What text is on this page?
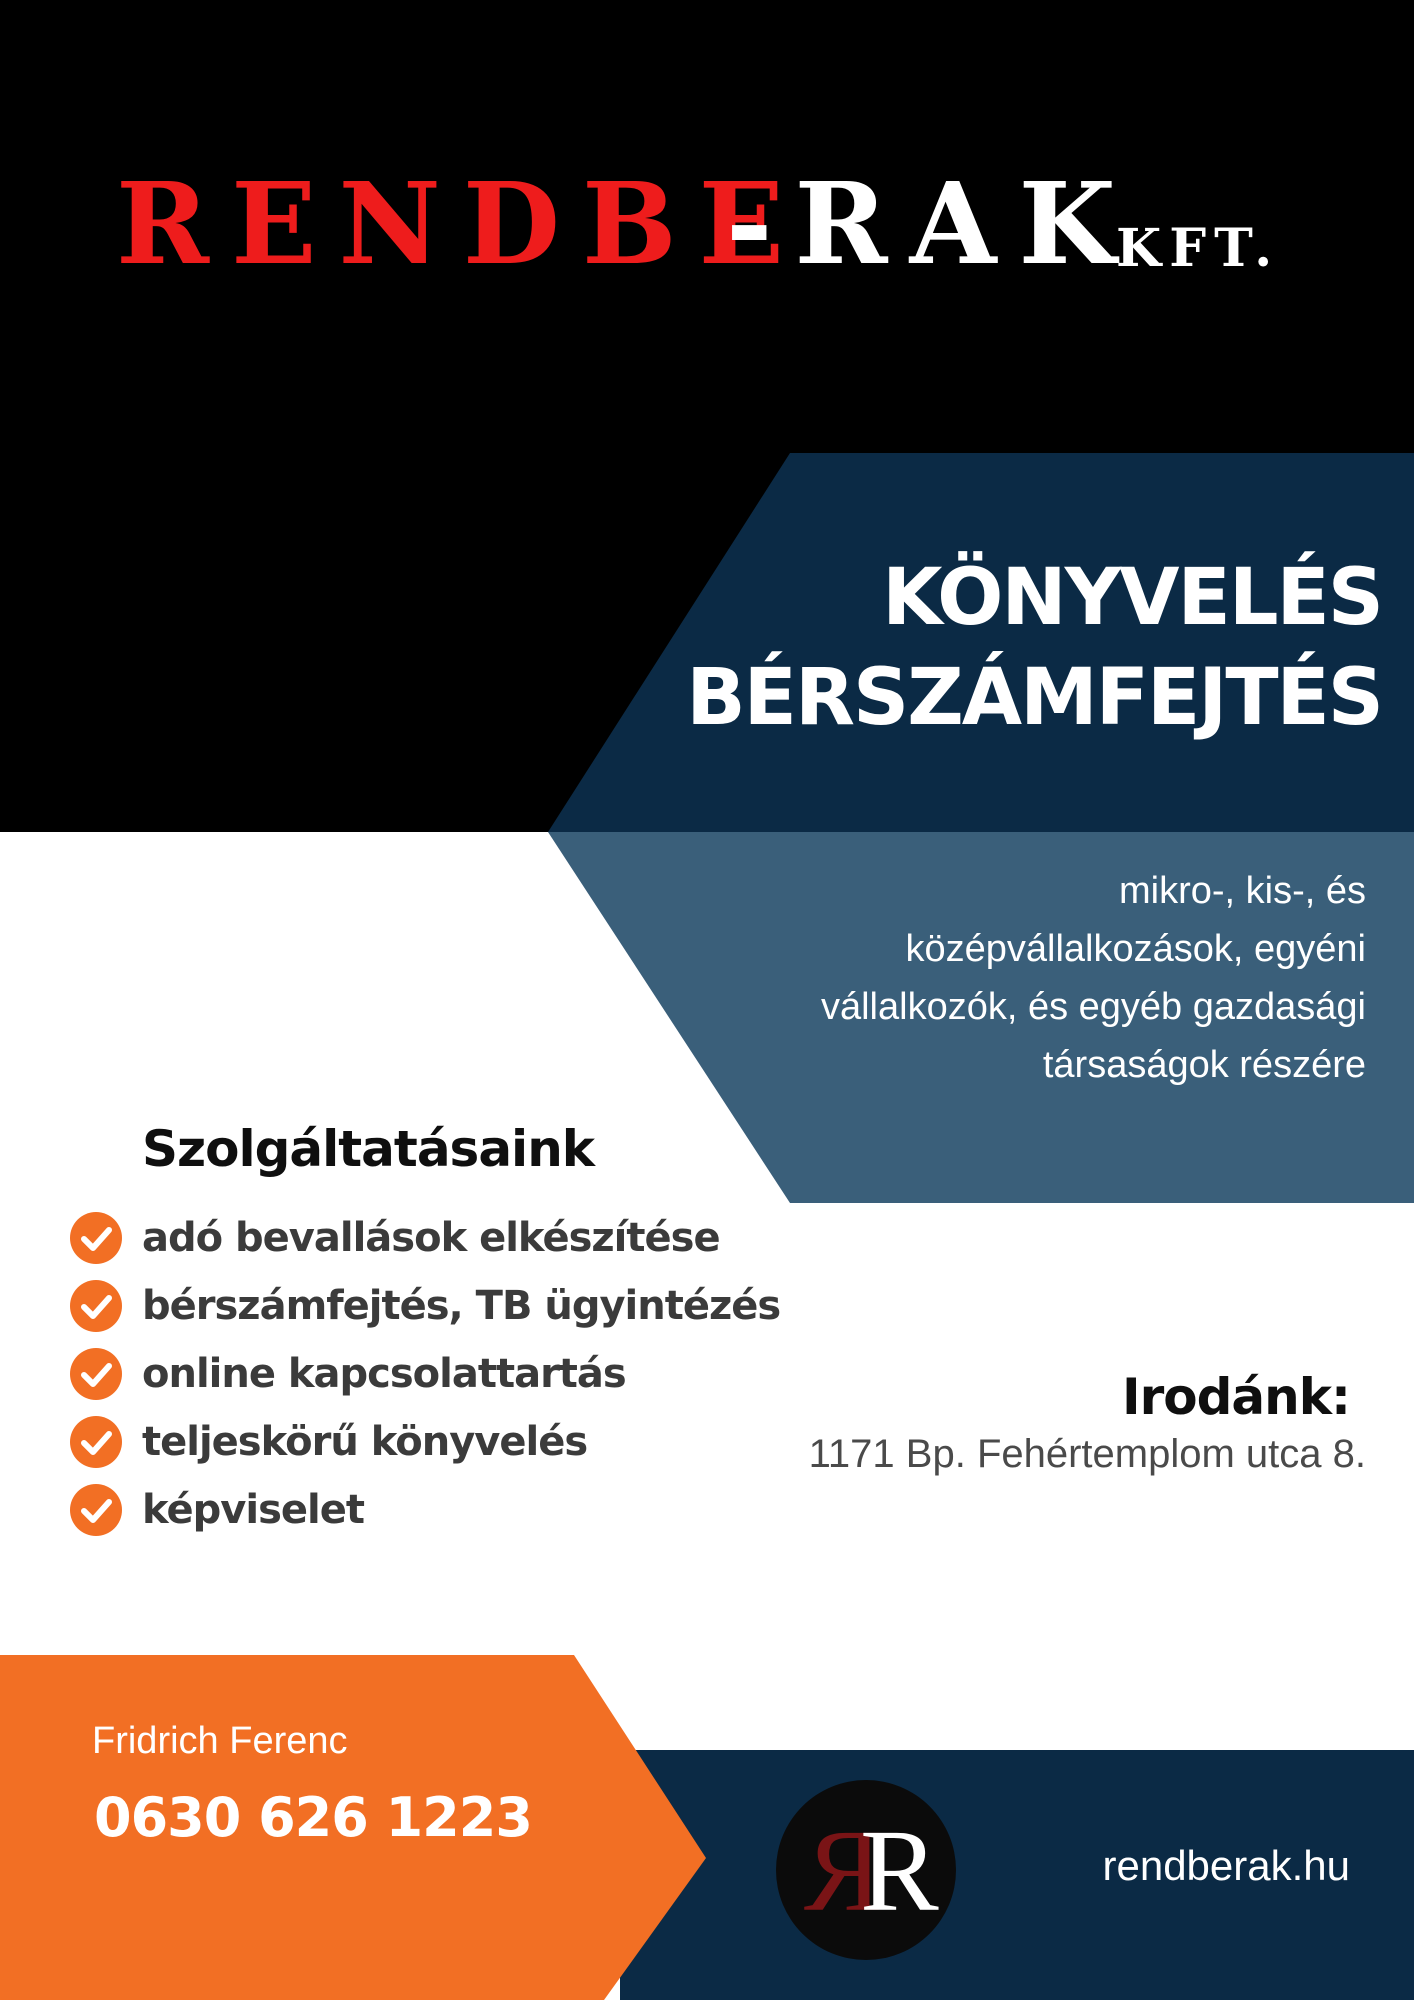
RENDBE
-RAK
KFT.
KÖNYVELÉS
BÉRSZÁMFEJTÉS
mikro-, kis-, és
középvállalkozások, egyéni
vállalkozók, és egyéb gazdasági
társaságok részére
Szolgáltatásaink
adó bevallások elkészítése
bérszámfejtés, TB ügyintézés
online kapcsolattartás
teljeskörű könyvelés
képviselet
Irodánk:
1171 Bp. Fehértemplom utca 8.
Fridrich Ferenc
0630 626 1223 R
R	rendberak.hu
